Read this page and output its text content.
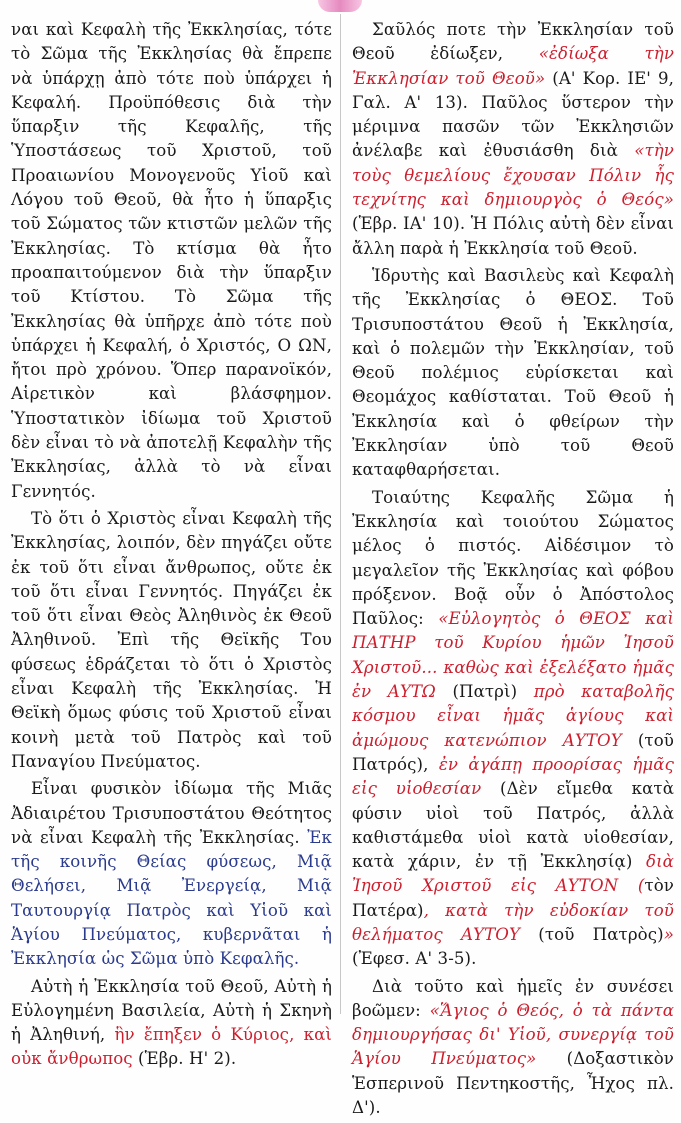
ναι καὶ Κεφαλὴ τῆς Ἐκκλησίας, τότε τὸ Σῶμα τῆς Ἐκκλησίας θὰ ἔπρεπε νὰ ὑπάρχῃ ἀπὸ τότε ποὺ ὑπάρχει ἡ Κεφαλή. Προϋπόθεσις διὰ τὴν ὕπαρξιν τῆς Κεφαλῆς, τῆς Ὑποστάσεως τοῦ Χριστοῦ, τοῦ Προαιωνίου Μονογενοῦς Υἱοῦ καὶ Λόγου τοῦ Θεοῦ, θὰ ἦτο ἡ ὕπαρξις τοῦ Σώματος τῶν κτιστῶν μελῶν τῆς Ἐκκλησίας. Τὸ κτίσμα θὰ ἦτο προαπαιτούμενον διὰ τὴν ὕπαρξιν τοῦ Κτίστου. Τὸ Σῶμα τῆς Ἐκκλησίας θὰ ὑπῆρχε ἀπὸ τότε ποὺ ὑπάρχει ἡ Κεφαλή, ὁ Χριστός, Ο ΩΝ, ἤτοι πρὸ χρόνου. Ὅπερ παρανοϊκόν, Αἱρετικὸν καὶ βλάσφημον. Ὑποστατικὸν ἰδίωμα τοῦ Χριστοῦ δὲν εἶναι τὸ νὰ ἀποτελῇ Κεφαλὴν τῆς Ἐκκλησίας, ἀλλὰ τὸ νὰ εἶναι Γεννητός.

Τὸ ὅτι ὁ Χριστὸς εἶναι Κεφαλὴ τῆς Ἐκκλησίας, λοιπόν, δὲν πηγάζει οὔτε ἐκ τοῦ ὅτι εἶναι ἄνθρωπος, οὔτε ἐκ τοῦ ὅτι εἶναι Γεννητός. Πηγάζει ἐκ τοῦ ὅτι εἶναι Θεὸς Ἀληθινὸς ἐκ Θεοῦ Ἀληθινοῦ. Ἐπὶ τῆς Θεϊκῆς Του φύσεως ἑδράζεται τὸ ὅτι ὁ Χριστὸς εἶναι Κεφαλὴ τῆς Ἐκκλησίας. Ἡ Θεϊκὴ ὅμως φύσις τοῦ Χριστοῦ εἶναι κοινὴ μετὰ τοῦ Πατρὸς καὶ τοῦ Παναγίου Πνεύματος.

Εἶναι φυσικὸν ἰδίωμα τῆς Μιᾶς Ἀδιαιρέτου Τρισυποστάτου Θεότητος νὰ εἶναι Κεφαλὴ τῆς Ἐκκλησίας. Ἐκ τῆς κοινῆς Θείας φύσεως, Μιᾷ Θελήσει, Μιᾷ Ἐνεργείᾳ, Μιᾷ Ταυτουργίᾳ Πατρὸς καὶ Υἱοῦ καὶ Ἁγίου Πνεύματος, κυβερνᾶται ἡ Ἐκκλησία ὡς Σῶμα ὑπὸ Κεφαλῆς.

Αὐτὴ ἡ Ἐκκλησία τοῦ Θεοῦ, Αὐτὴ ἡ Εὐλογημένη Βασιλεία, Αὐτὴ ἡ Σκηνὴ ἡ Ἀληθινή, ἣν ἔπηξεν ὁ Κύριος, καὶ οὐκ ἄνθρωπος (Ἑβρ. Η' 2).

Σαῦλός ποτε τὴν Ἐκκλησίαν τοῦ Θεοῦ ἐδίωξεν, «ἐδίωξα τὴν Ἐκκλησίαν τοῦ Θεοῦ» (Α' Κορ. ΙΕ' 9, Γαλ. Α' 13). Παῦλος ὕστερον τὴν μέριμνα πασῶν τῶν Ἐκκλησιῶν ἀνέλαβε καὶ ἐθυσιάσθη διὰ «τὴν τοὺς θεμελίους ἔχουσαν Πόλιν ἧς τεχνίτης καὶ δημιουργὸς ὁ Θεός» (Ἑβρ. ΙΑ' 10). Ἡ Πόλις αὐτὴ δὲν εἶναι ἄλλη παρὰ ἡ Ἐκκλησία τοῦ Θεοῦ.

Ἱδρυτὴς καὶ Βασιλεὺς καὶ Κεφαλὴ τῆς Ἐκκλησίας ὁ ΘΕΟΣ. Τοῦ Τρισυποστάτου Θεοῦ ἡ Ἐκκλησία, καὶ ὁ πολεμῶν τὴν Ἐκκλησίαν, τοῦ Θεοῦ πολέμιος εὑρίσκεται καὶ Θεομάχος καθίσταται. Τοῦ Θεοῦ ἡ Ἐκκλησία καὶ ὁ φθείρων τὴν Ἐκκλησίαν ὑπὸ τοῦ Θεοῦ καταφθαρήσεται.

Τοιαύτης Κεφαλῆς Σῶμα ἡ Ἐκκλησία καὶ τοιούτου Σώματος μέλος ὁ πιστός. Αἰδέσιμον τὸ μεγαλεῖον τῆς Ἐκκλησίας καὶ φόβου πρόξενον. Βοᾷ οὖν ὁ Ἀπόστολος Παῦλος: «Εὐλογητὸς ὁ ΘΕΟΣ καὶ ΠΑΤΗΡ τοῦ Κυρίου ἡμῶν Ἰησοῦ Χριστοῦ... καθὼς καὶ ἐξελέξατο ἡμᾶς ἐν ΑΥΤΩ (Πατρὶ) πρὸ καταβολῆς κόσμου εἶναι ἡμᾶς ἁγίους καὶ ἀμώμους κατενώπιον ΑΥΤΟΥ (τοῦ Πατρός), ἐν ἀγάπῃ προορίσας ἡμᾶς εἰς υἱοθεσίαν (Δὲν εἴμεθα κατὰ φύσιν υἱοὶ τοῦ Πατρός, ἀλλὰ καθιστάμεθα υἱοὶ κατὰ υἱοθεσίαν, κατὰ χάριν, ἐν τῇ Ἐκκλησίᾳ) διὰ Ἰησοῦ Χριστοῦ εἰς ΑΥΤΟΝ (τὸν Πατέρα), κατὰ τὴν εὐδοκίαν τοῦ θελήματος ΑΥΤΟΥ (τοῦ Πατρὸς)» (Ἐφεσ. Α' 3-5).

Διὰ τοῦτο καὶ ἡμεῖς ἐν συνέσει βοῶμεν: «Ἅγιος ὁ Θεός, ὁ τὰ πάντα δημιουργήσας δι' Υἱοῦ, συνεργίᾳ τοῦ Ἁγίου Πνεύματος» (Δοξαστικὸν Ἑσπερινοῦ Πεντηκοστῆς, Ἦχος πλ. Δ').
